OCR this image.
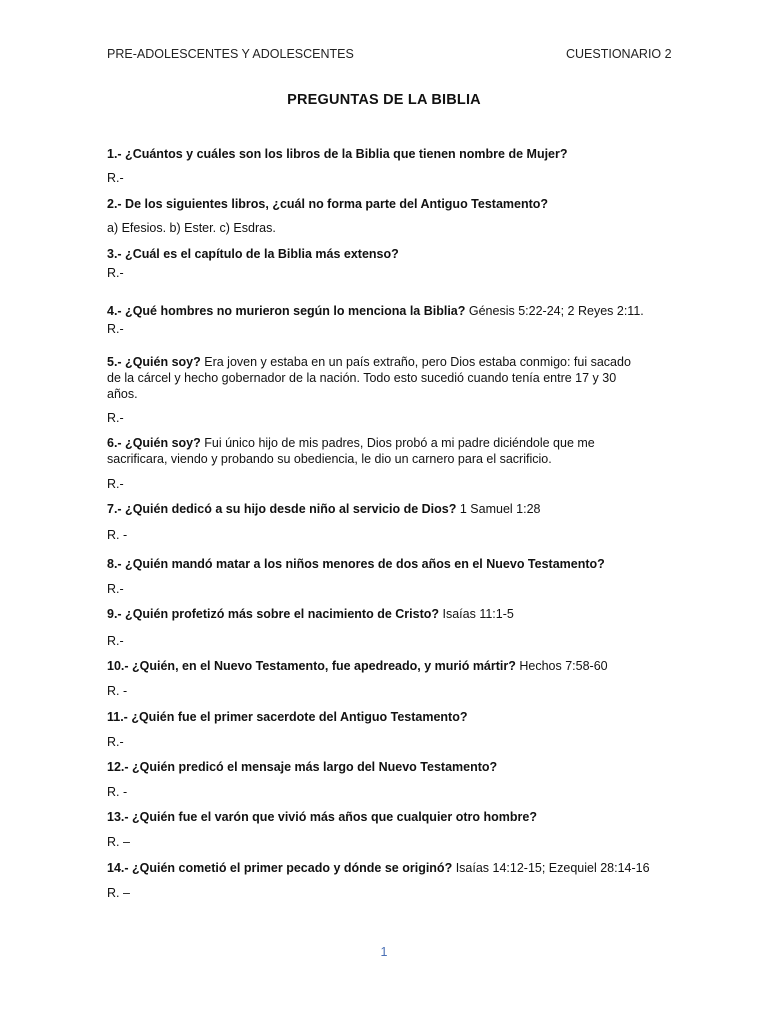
PRE-ADOLESCENTES Y ADOLESCENTES	CUESTIONARIO 2
PREGUNTAS DE LA BIBLIA
1.- ¿Cuántos y cuáles son los libros de la Biblia que tienen nombre de Mujer?
R.-
2.- De los siguientes libros, ¿cuál no forma parte del Antiguo Testamento?
a) Efesios. b) Ester. c) Esdras.
3.- ¿Cuál es el capítulo de la Biblia más extenso?
R.-
4.- ¿Qué hombres no murieron según lo menciona la Biblia? Génesis 5:22-24; 2 Reyes 2:11.
R.-
5.- ¿Quién soy? Era joven y estaba en un país extraño, pero Dios estaba conmigo: fui sacado
de la cárcel y hecho gobernador de la nación. Todo esto sucedió cuando tenía entre 17 y 30
años.
R.-
6.- ¿Quién soy? Fui único hijo de mis padres, Dios probó a mi padre diciéndole que me
sacrificara, viendo y probando su obediencia, le dio un carnero para el sacrificio.
R.-
7.- ¿Quién dedicó a su hijo desde niño al servicio de Dios? 1 Samuel 1:28
R. -
8.- ¿Quién mandó matar a los niños menores de dos años en el Nuevo Testamento?
R.-
9.- ¿Quién profetizó más sobre el nacimiento de Cristo? Isaías 11:1-5
R.-
10.- ¿Quién, en el Nuevo Testamento, fue apedreado, y murió mártir? Hechos 7:58-60
R. -
11.- ¿Quién fue el primer sacerdote del Antiguo Testamento?
R.-
12.- ¿Quién predicó el mensaje más largo del Nuevo Testamento?
R. -
13.- ¿Quién fue el varón que vivió más años que cualquier otro hombre?
R. –
14.- ¿Quién cometió el primer pecado y dónde se originó? Isaías 14:12-15; Ezequiel 28:14-16
R. –
1
